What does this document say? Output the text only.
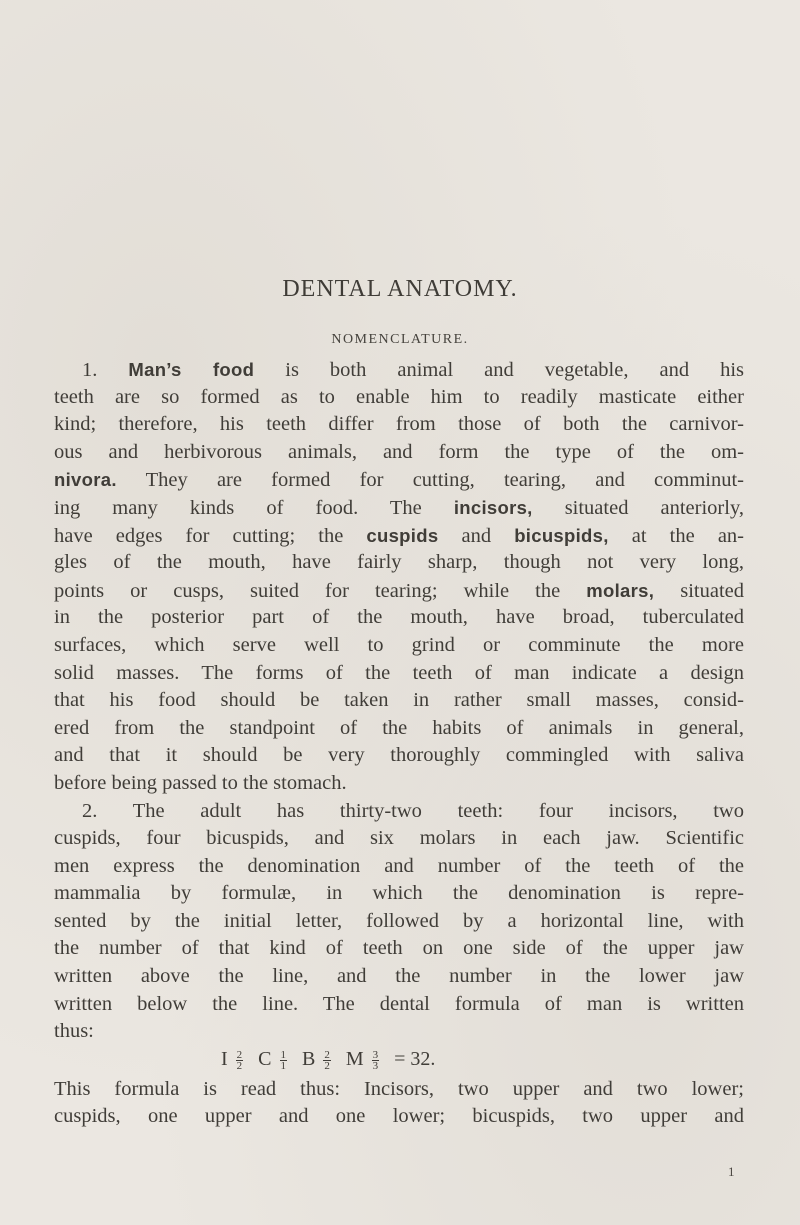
DENTAL ANATOMY.
NOMENCLATURE.
1. Man’s food is both animal and vegetable, and his
teeth are so formed as to enable him to readily masticate either
kind; therefore, his teeth differ from those of both the carnivor-
ous and herbivorous animals, and form the type of the om-
nivora. They are formed for cutting, tearing, and comminut-
ing many kinds of food. The incisors, situated anteriorly,
have edges for cutting; the cuspids and bicuspids, at the an-
gles of the mouth, have fairly sharp, though not very long,
points or cusps, suited for tearing; while the molars, situated
in the posterior part of the mouth, have broad, tuberculated
surfaces, which serve well to grind or comminute the more
solid masses. The forms of the teeth of man indicate a design
that his food should be taken in rather small masses, consid-
ered from the standpoint of the habits of animals in general,
and that it should be very thoroughly commingled with saliva
before being passed to the stomach.
2. The adult has thirty-two teeth: four incisors, two
cuspids, four bicuspids, and six molars in each jaw. Scientific
men express the denomination and number of the teeth of the
mammalia by formulæ, in which the denomination is repre-
sented by the initial letter, followed by a horizontal line, with
the number of that kind of teeth on one side of the upper jaw
written above the line, and the number in the lower jaw
written below the line. The dental formula of man is written
thus:
I $\frac{2}{2}$ C $\frac{1}{1}$ B $\frac{2}{2}$ M $\frac{3}{3} = 32$.
This formula is read thus: Incisors, two upper and two lower;
cuspids, one upper and one lower; bicuspids, two upper and
1
